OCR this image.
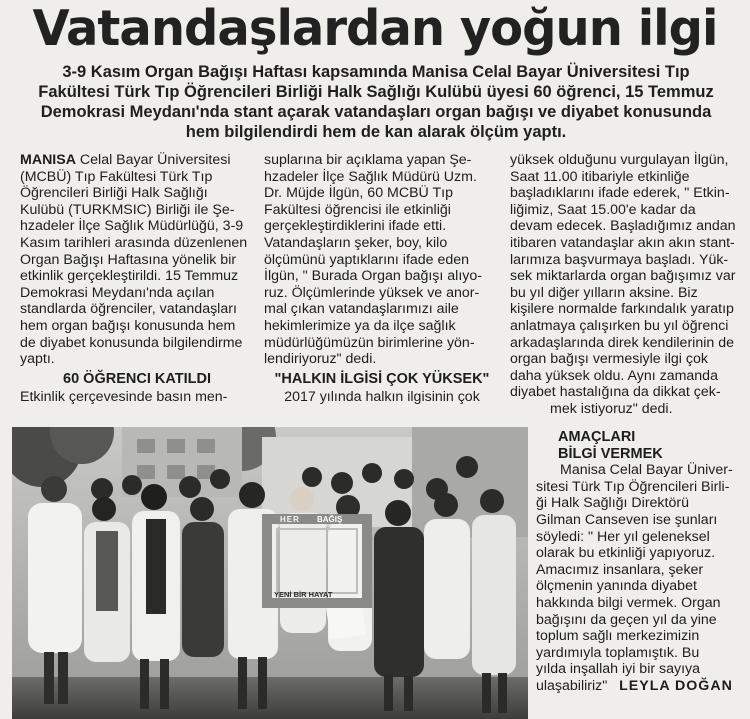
Vatandaşlardan yoğun ilgi
3-9 Kasım Organ Bağışı Haftası kapsamında Manisa Celal Bayar Üniversitesi Tıp
Fakültesi Türk Tıp Öğrencileri Birliği Halk Sağlığı Kulübü üyesi 60 öğrenci, 15 Temmuz
Demokrasi Meydanı'nda stant açarak vatandaşları organ bağışı ve diyabet konusunda
hem bilgilendirdi hem de kan alarak ölçüm yaptı.

MANISA Celal Bayar Üniversitesi

(MCBÜ) Tıp Fakültesi Türk Tıp

Öğrencileri Birliği Halk Sağlığı

Kulübü (TURKMSIC) Birliği ile Şe-

hzadeler İlçe Sağlık Müdürlüğü, 3-9

Kasım tarihleri arasında düzenlenen

Organ Bağışı Haftasına yönelik bir

etkinlik gerçekleştirildi. 15 Temmuz

Demokrasi Meydanı'nda açılan

standlarda öğrenciler, vatandaşları

hem organ bağışı konusunda hem

de diyabet konusunda bilgilendirme

yaptı.

60 ÖĞRENCI KATILDI

Etkinlik çerçevesinde basın men-

suplarına bir açıklama yapan Şe-

hzadeler İlçe Sağlık Müdürü Uzm.

Dr. Müjde İlgün, 60 MCBÜ Tıp

Fakültesi öğrencisi ile etkinliği

gerçekleştirdiklerini ifade etti.

Vatandaşların şeker, boy, kilo

ölçümünü yaptıklarını ifade eden

İlgün, " Burada Organ bağışı alıyo-

ruz. Ölçümlerinde yüksek ve anor-

mal çıkan vatandaşlarımızı aile

hekimlerimize ya da ilçe sağlık

müdürlüğümüzün birimlerine yön-

lendiriyoruz" dedi.

"HALKIN İLGİSİ ÇOK YÜKSEK"

2017 yılında halkın ilgisinin çok

yüksek olduğunu vurgulayan İlgün,

Saat 11.00 itibariyle etkinliğe

başladıklarını ifade ederek, " Etkin-

liğimiz, Saat 15.00'e kadar da

devam edecek. Başladığımız andan

itibaren vatandaşlar akın akın stant-

larımıza başvurmaya başladı. Yük-

sek miktarlarda organ bağışımız var

bu yıl diğer yılların aksine. Biz

kişilere normalde farkındalık yaratıp

anlatmaya çalışırken bu yıl öğrenci

arkadaşlarında direk kendilerinin de

organ bağışı vermesiyle ilgi çok

daha yüksek oldu. Aynı zamanda

diyabet hastalığına da dikkat çek-

mek istiyoruz" dedi.

AMAÇLARI

BİLGİ VERMEK

Manisa Celal Bayar Üniver-

sitesi Türk Tıp Öğrencileri Birli-

ği Halk Sağlığı Direktörü

Gilman Canseven ise şunları

söyledi: " Her yıl geleneksel

olarak bu etkinliği yapıyoruz.

Amacımız insanlara, şeker

ölçmenin yanında diyabet

hakkında bilgi vermek. Organ

bağışını da geçen yıl da yine

toplum sağlı merkezimizin

yardımıyla toplamıştık. Bu

yılda inşallah iyi bir sayıya

ulaşabiliriz" LEYLA DOĞAN

HER BAĞIŞ
YENİ BİR HAYAT
